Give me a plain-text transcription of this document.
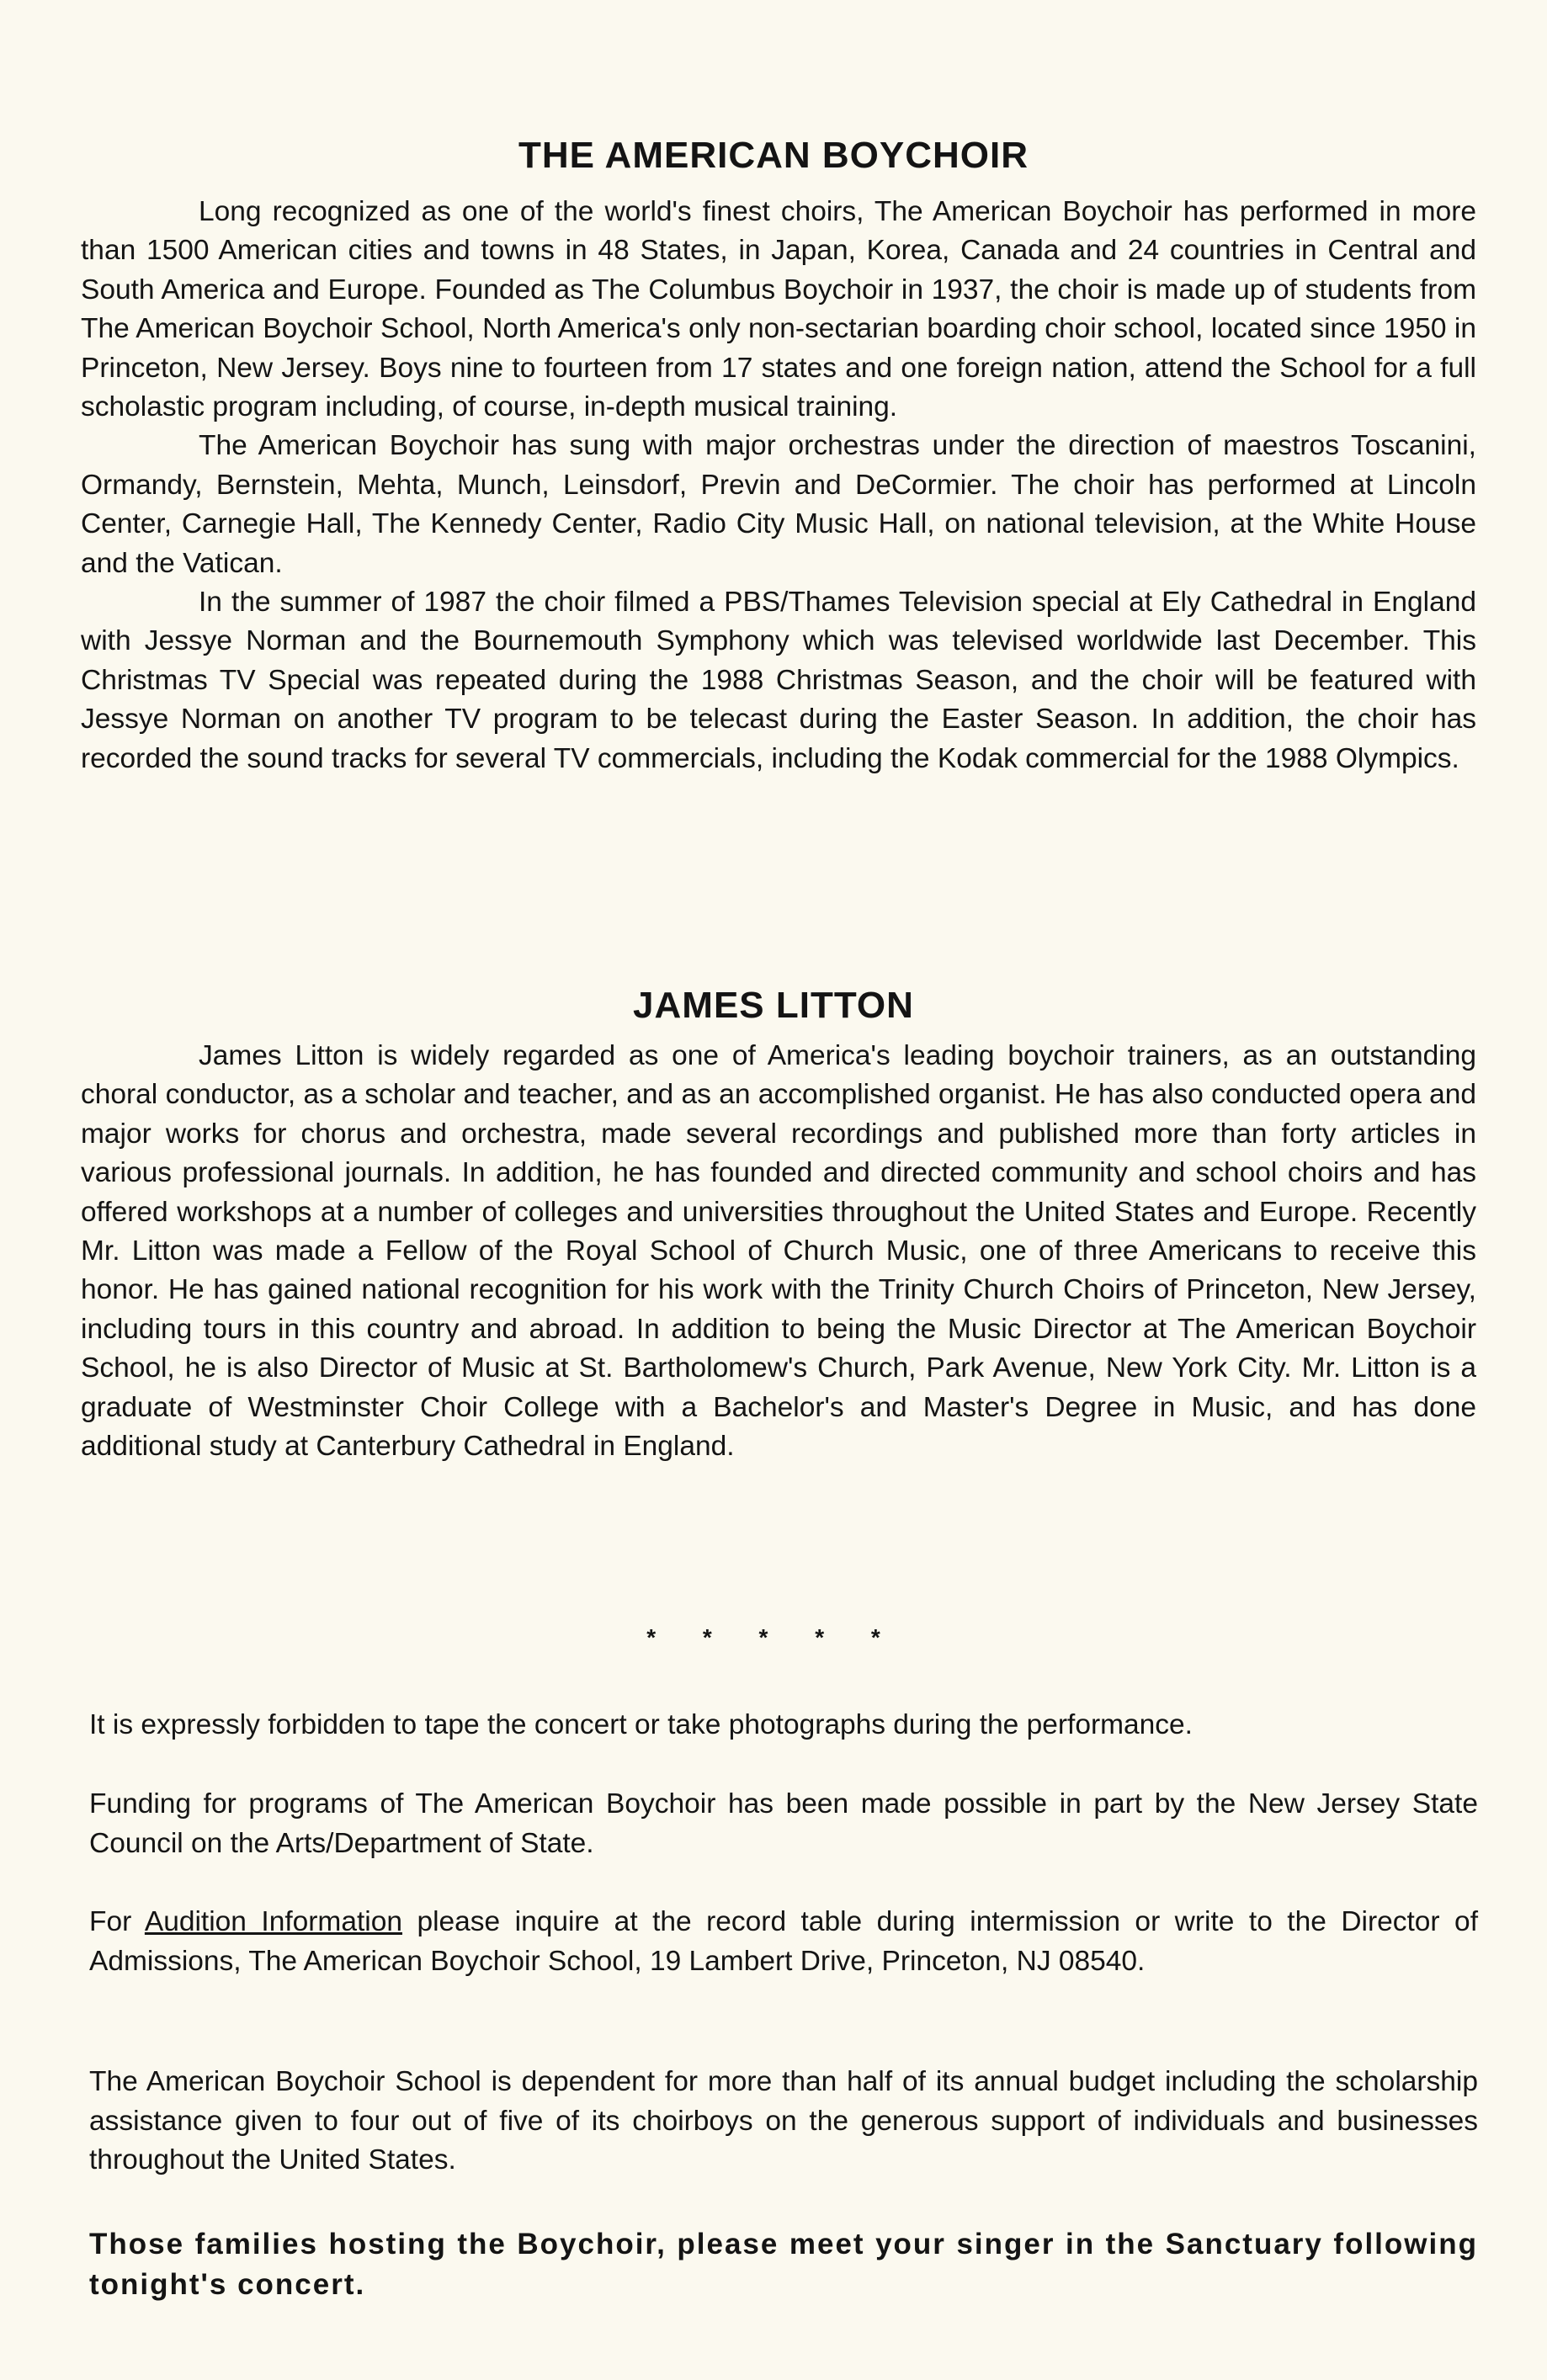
THE AMERICAN BOYCHOIR

Long recognized as one of the world's finest choirs, The American Boychoir has performed in more than 1500 American cities and towns in 48 States, in Japan, Korea, Canada and 24 countries in Central and South America and Europe. Founded as The Columbus Boychoir in 1937, the choir is made up of students from The American Boychoir School, North America's only non-sectarian boarding choir school, located since 1950 in Princeton, New Jersey. Boys nine to fourteen from 17 states and one foreign nation, attend the School for a full scholastic program including, of course, in-depth musical training.

The American Boychoir has sung with major orchestras under the direction of maestros Toscanini, Ormandy, Bernstein, Mehta, Munch, Leinsdorf, Previn and DeCormier. The choir has performed at Lincoln Center, Carnegie Hall, The Kennedy Center, Radio City Music Hall, on national television, at the White House and the Vatican.

In the summer of 1987 the choir filmed a PBS/Thames Television special at Ely Cathedral in England with Jessye Norman and the Bournemouth Symphony which was televised worldwide last December. This Christmas TV Special was repeated during the 1988 Christmas Season, and the choir will be featured with Jessye Norman on another TV program to be telecast during the Easter Season. In addition, the choir has recorded the sound tracks for several TV commercials, including the Kodak commercial for the 1988 Olympics.

JAMES LITTON

James Litton is widely regarded as one of America's leading boychoir trainers, as an outstanding choral conductor, as a scholar and teacher, and as an accomplished organist. He has also conducted opera and major works for chorus and orchestra, made several recordings and published more than forty articles in various professional journals. In addition, he has founded and directed community and school choirs and has offered workshops at a number of colleges and universities throughout the United States and Europe. Recently Mr. Litton was made a Fellow of the Royal School of Church Music, one of three Americans to receive this honor. He has gained national recognition for his work with the Trinity Church Choirs of Princeton, New Jersey, including tours in this country and abroad. In addition to being the Music Director at The American Boychoir School, he is also Director of Music at St. Bartholomew's Church, Park Avenue, New York City. Mr. Litton is a graduate of Westminster Choir College with a Bachelor's and Master's Degree in Music, and has done additional study at Canterbury Cathedral in England.

* * * * *

It is expressly forbidden to tape the concert or take photographs during the performance.

Funding for programs of The American Boychoir has been made possible in part by the New Jersey State Council on the Arts/Department of State.

For Audition Information please inquire at the record table during intermission or write to the Director of Admissions, The American Boychoir School, 19 Lambert Drive, Princeton, NJ 08540.

The American Boychoir School is dependent for more than half of its annual budget including the scholarship assistance given to four out of five of its choirboys on the generous support of individuals and businesses throughout the United States.

Those families hosting the Boychoir, please meet your singer in the Sanctuary following tonight's concert.
